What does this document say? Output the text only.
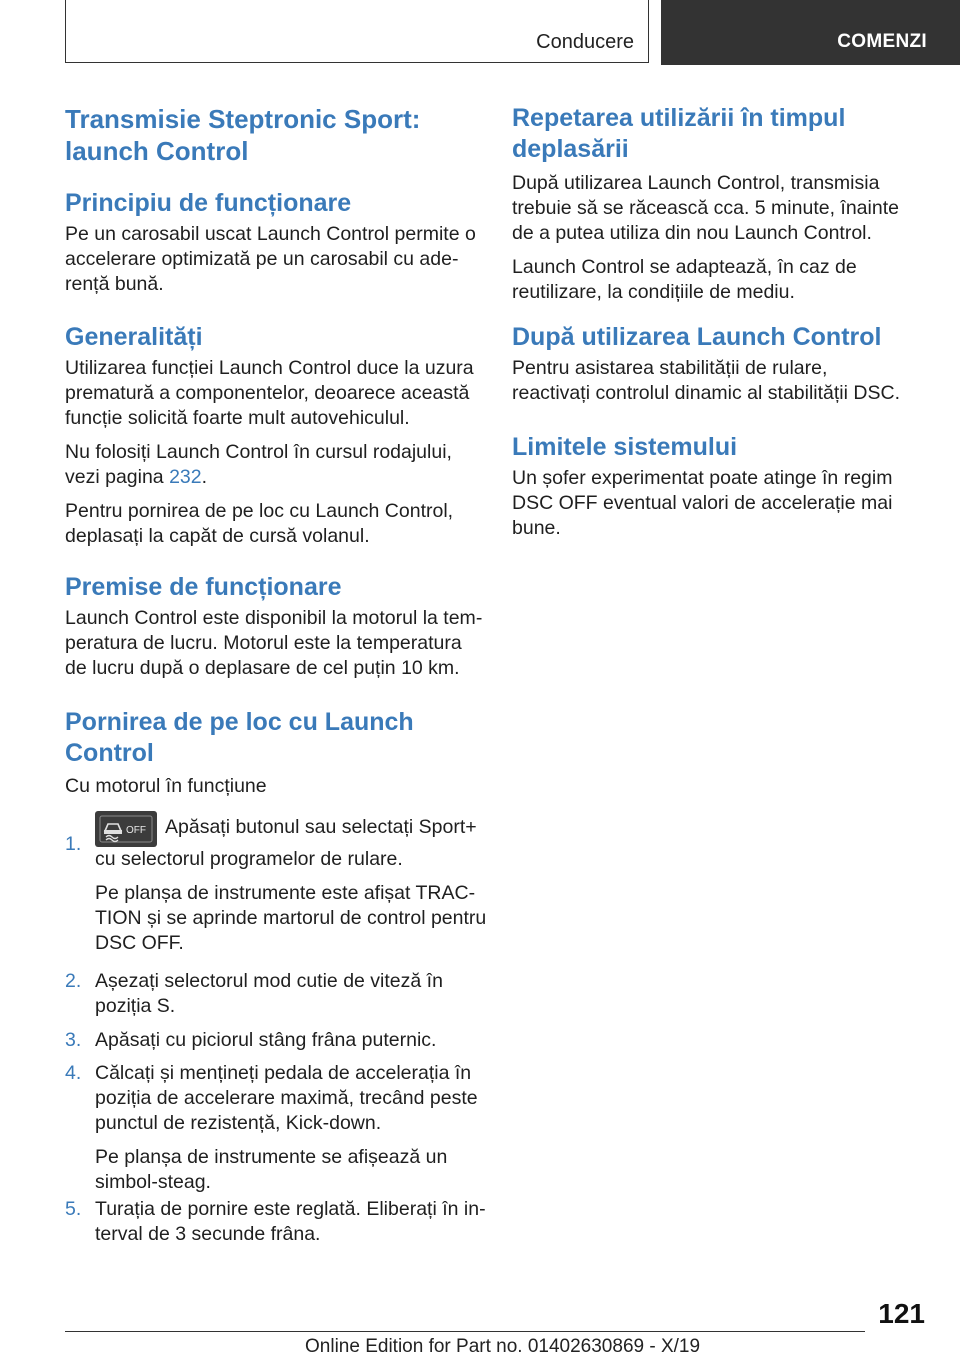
Conducere	COMENZI
Transmisie Steptronic Sport:
launch Control
Principiu de funcționare

Pe un carosabil uscat Launch Control permite o accelerare optimizată pe un carosabil cu aderență bună.

Generalități

Utilizarea funcției Launch Control duce la uzura prematură a componentelor, deoarece această funcție solicită foarte mult autovehiculul.

Nu folosiți Launch Control în cursul rodajului, vezi pagina 232.

Pentru pornirea de pe loc cu Launch Control, deplasați la capăt de cursă volanul.

Premise de funcționare

Launch Control este disponibil la motorul la temperatura de lucru. Motorul este la temperatura de lucru după o deplasare de cel puțin 10 km.

Pornirea de pe loc cu Launch
Control

Cu motorul în funcțiune

1.

OFF Apăsați butonul sau selectați Sport+ cu selectorul programelor de rulare.

Pe planșa de instrumente este afișat TRACTION și se aprinde martorul de control pentru DSC OFF.

2. Așezați selectorul mod cutie de viteză în poziția S.

3. Apăsați cu piciorul stâng frâna puternic.

4. Călcați și mențineți pedala de accelerația în poziția de accelerare maximă, trecând peste punctul de rezistență, Kick-down.

Pe planșa de instrumente se afișează un simbol-steag.

5. Turația de pornire este reglată. Eliberați în interval de 3 secunde frâna.

Repetarea utilizării în timpul
deplasării

După utilizarea Launch Control, transmisia trebuie să se răcească cca. 5 minute, înainte de a putea utiliza din nou Launch Control.

Launch Control se adaptează, în caz de reutilizare, la condițiile de mediu.

După utilizarea Launch Control

Pentru asistarea stabilității de rulare, reactivați controlul dinamic al stabilității DSC.

Limitele sistemului

Un șofer experimentat poate atinge în regim DSC OFF eventual valori de accelerație mai bune.

121
Online Edition for Part no. 01402630869 - X/19
